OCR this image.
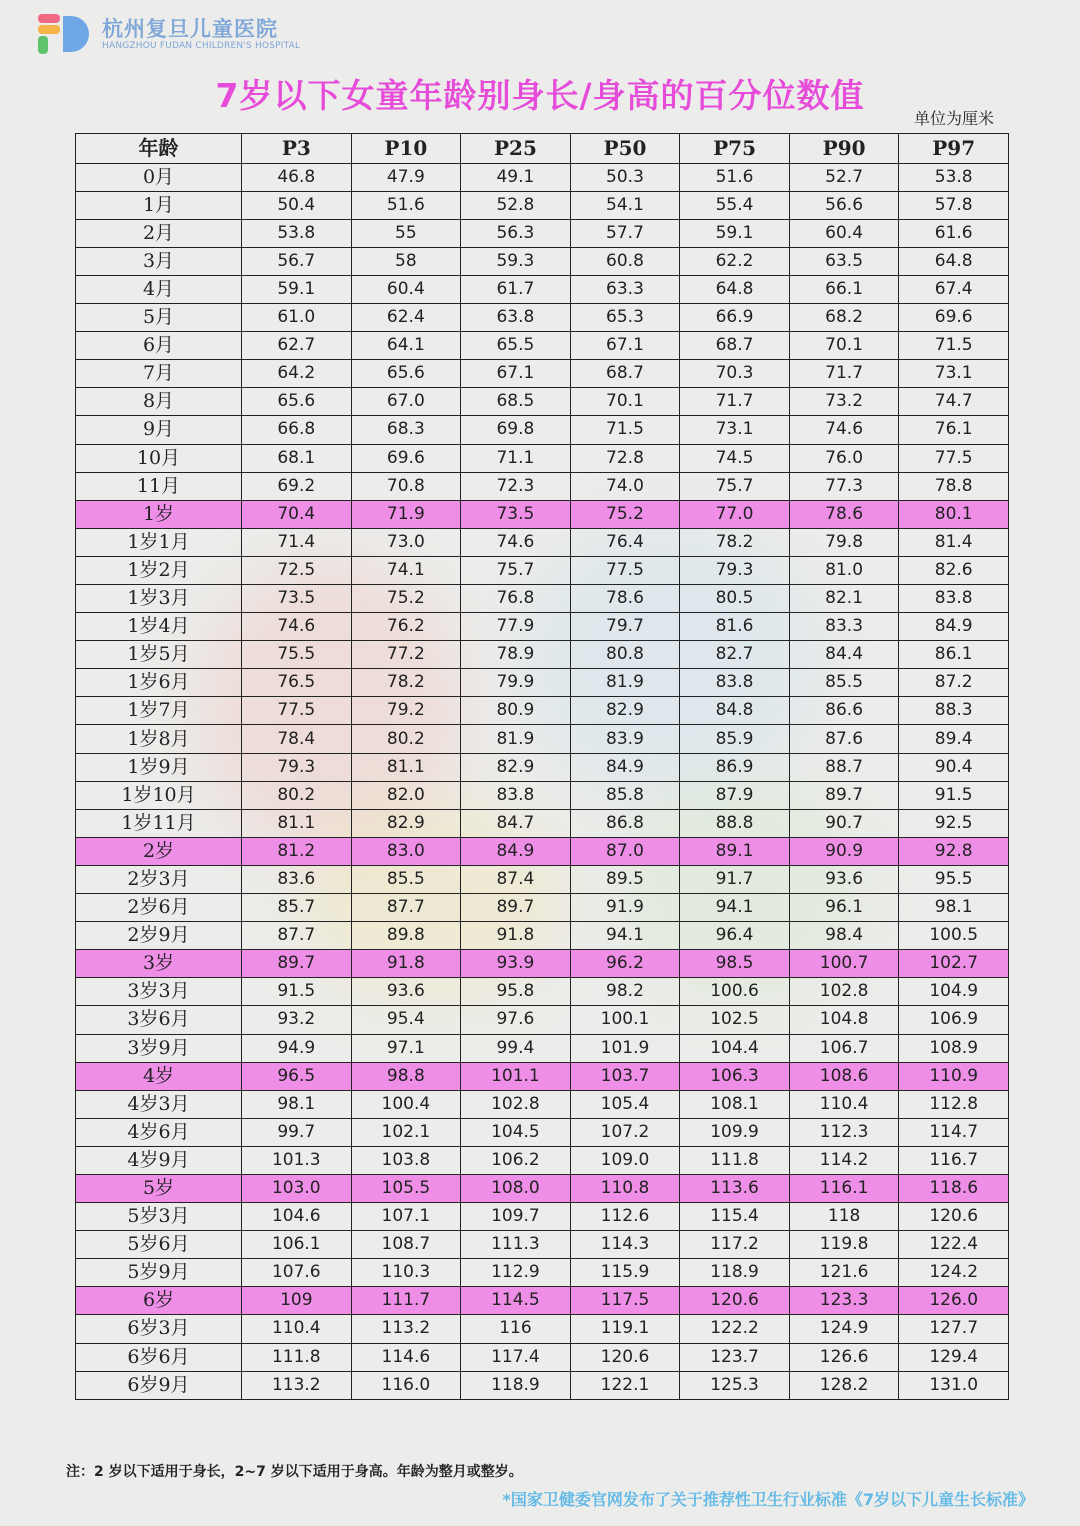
杭州复旦儿童医院
HANGZHOU FUDAN CHILDREN'S HOSPITAL
7岁以下女童年龄别身长/身高的百分位数值
单位为厘米
年龄	P3	P10	P25	P50	P75	P90	P97
0月	46.8	47.9	49.1	50.3	51.6	52.7	53.8
1月	50.4	51.6	52.8	54.1	55.4	56.6	57.8
2月	53.8	55	56.3	57.7	59.1	60.4	61.6
3月	56.7	58	59.3	60.8	62.2	63.5	64.8
4月	59.1	60.4	61.7	63.3	64.8	66.1	67.4
5月	61.0	62.4	63.8	65.3	66.9	68.2	69.6
6月	62.7	64.1	65.5	67.1	68.7	70.1	71.5
7月	64.2	65.6	67.1	68.7	70.3	71.7	73.1
8月	65.6	67.0	68.5	70.1	71.7	73.2	74.7
9月	66.8	68.3	69.8	71.5	73.1	74.6	76.1
10月	68.1	69.6	71.1	72.8	74.5	76.0	77.5
11月	69.2	70.8	72.3	74.0	75.7	77.3	78.8
1岁	70.4	71.9	73.5	75.2	77.0	78.6	80.1
1岁1月	71.4	73.0	74.6	76.4	78.2	79.8	81.4
1岁2月	72.5	74.1	75.7	77.5	79.3	81.0	82.6
1岁3月	73.5	75.2	76.8	78.6	80.5	82.1	83.8
1岁4月	74.6	76.2	77.9	79.7	81.6	83.3	84.9
1岁5月	75.5	77.2	78.9	80.8	82.7	84.4	86.1
1岁6月	76.5	78.2	79.9	81.9	83.8	85.5	87.2
1岁7月	77.5	79.2	80.9	82.9	84.8	86.6	88.3
1岁8月	78.4	80.2	81.9	83.9	85.9	87.6	89.4
1岁9月	79.3	81.1	82.9	84.9	86.9	88.7	90.4
1岁10月	80.2	82.0	83.8	85.8	87.9	89.7	91.5
1岁11月	81.1	82.9	84.7	86.8	88.8	90.7	92.5
2岁	81.2	83.0	84.9	87.0	89.1	90.9	92.8
2岁3月	83.6	85.5	87.4	89.5	91.7	93.6	95.5
2岁6月	85.7	87.7	89.7	91.9	94.1	96.1	98.1
2岁9月	87.7	89.8	91.8	94.1	96.4	98.4	100.5
3岁	89.7	91.8	93.9	96.2	98.5	100.7	102.7
3岁3月	91.5	93.6	95.8	98.2	100.6	102.8	104.9
3岁6月	93.2	95.4	97.6	100.1	102.5	104.8	106.9
3岁9月	94.9	97.1	99.4	101.9	104.4	106.7	108.9
4岁	96.5	98.8	101.1	103.7	106.3	108.6	110.9
4岁3月	98.1	100.4	102.8	105.4	108.1	110.4	112.8
4岁6月	99.7	102.1	104.5	107.2	109.9	112.3	114.7
4岁9月	101.3	103.8	106.2	109.0	111.8	114.2	116.7
5岁	103.0	105.5	108.0	110.8	113.6	116.1	118.6
5岁3月	104.6	107.1	109.7	112.6	115.4	118	120.6
5岁6月	106.1	108.7	111.3	114.3	117.2	119.8	122.4
5岁9月	107.6	110.3	112.9	115.9	118.9	121.6	124.2
6岁	109	111.7	114.5	117.5	120.6	123.3	126.0
6岁3月	110.4	113.2	116	119.1	122.2	124.9	127.7
6岁6月	111.8	114.6	117.4	120.6	123.7	126.6	129.4
6岁9月	113.2	116.0	118.9	122.1	125.3	128.2	131.0
注：2 岁以下适用于身长，2~7 岁以下适用于身高。年龄为整月或整岁。
*国家卫健委官网发布了关于推荐性卫生行业标准《7岁以下儿童生长标准》
